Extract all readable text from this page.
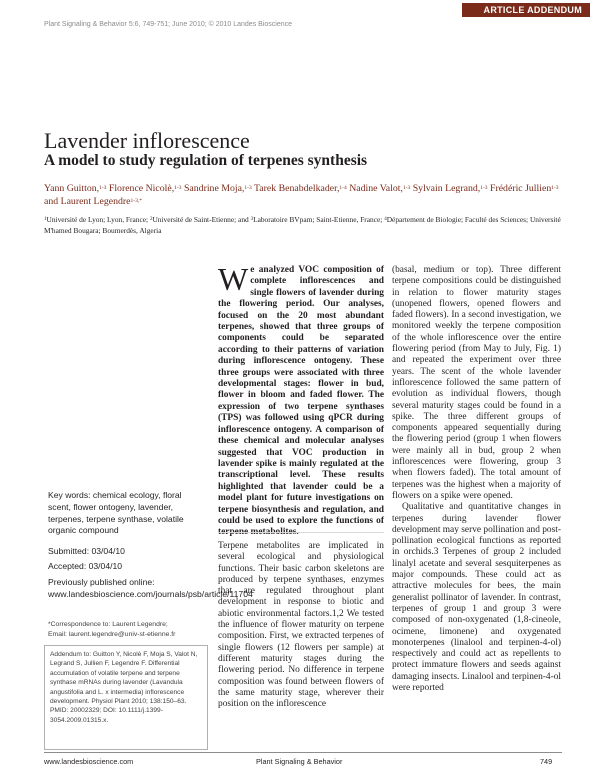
ARTICLE ADDENDUM
Plant Signaling & Behavior 5:6, 749-751; June 2010; © 2010 Landes Bioscience
Lavender inflorescence
A model to study regulation of terpenes synthesis
Yann Guitton,$^{1-3}$ Florence Nicolè,$^{1-3}$ Sandrine Moja,$^{1-3}$ Tarek Benabdelkader,$^{1-4}$ Nadine Valot,$^{1-3}$ Sylvain Legrand,$^{1-3}$ Frédéric Jullien$^{1-3}$ and Laurent Legendre$^{1-3,*}$
$^1$Université de Lyon; Lyon, France; $^2$Université de Saint-Etienne; and $^3$Laboratoire BVpam; Saint-Etienne, France; $^4$Département de Biologie; Faculté des Sciences; Université M'hamed Bougara; Boumerdès, Algeria
Key words: chemical ecology, floral scent, flower ontogeny, lavender, terpenes, terpene synthase, volatile organic compound
Submitted: 03/04/10
Accepted: 03/04/10
Previously published online:
www.landesbioscience.com/journals/psb/article/11704
*Correspondence to: Laurent Legendre;
Email: laurent.legendre@univ-st-etienne.fr
Addendum to: Guitton Y, Nicolè F, Moja S, Valot N, Legrand S, Jullien F, Legendre F. Differential accumulation of volatile terpene and terpene synthase mRNAs during lavender (Lavandula angustifolia and L. x intermedia) inflorescence development. Physiol Plant 2010; 138:150–63. PMID: 20002329; DOI: 10.1111/j.1399-3054.2009.01315.x.
We analyzed VOC composition of complete inflorescences and single flowers of lavender during the flowering period. Our analyses, focused on the 20 most abundant terpenes, showed that three groups of components could be separated according to their patterns of variation during inflorescence ontogeny. These three groups were associated with three developmental stages: flower in bud, flower in bloom and faded flower. The expression of two terpene synthases (TPS) was followed using qPCR during inflorescence ontogeny. A comparison of these chemical and molecular analyses suggested that VOC production in lavender spike is mainly regulated at the transcriptional level. These results highlighted that lavender could be a model plant for future investigations on terpene biosynthesis and regulation, and could be used to explore the functions of
Terpene metabolites are implicated in several ecological and physiological functions. Their basic carbon skeletons are produced by terpene synthases, enzymes that are regulated throughout plant development in response to biotic and abiotic environmental factors.1,2 We tested the influence of flower maturity on terpene composition. First, we extracted terpenes of single flowers (12 flowers per sample) at different maturity stages during the flowering period. No difference in terpene composition was found between flowers of the same maturity stage, wherever their position on the inflorescence

(basal, medium or top). Three different terpene compositions could be distinguished in relation to flower maturity stages (unopened flowers, opened flowers and faded flowers). In a second investigation, we monitored weekly the terpene composition of the whole inflorescence over the entire flowering period (from May to July, Fig. 1) and repeated the experiment over three years. The scent of the whole lavender inflorescence followed the same pattern of evolution as individual flowers, though several maturity stages could be found in a spike. The three different groups of components appeared sequentially during the flowering period (group 1 when flowers were mainly all in bud, group 2 when inflorescences were flowering, group 3 when flowers faded). The total amount of terpenes was the highest when a majority of flowers on a spike were opened.

Qualitative and quantitative changes in terpenes during lavender flower development may serve pollination and post-pollination ecological functions as reported in orchids.3 Terpenes of group 2 included linalyl acetate and several sesquiterpenes as major compounds. These could act as attractive molecules for bees, the main generalist pollinator of lavender. In contrast, terpenes of group 1 and group 3 were composed of non-oxygenated (1,8-cineole, ocimene, limonene) and oxygenated monoterpenes (linalool and terpinen-4-ol) respectively and could act as repellents to protect immature flowers and seeds against damaging insects. Linalool and terpinen-4-ol were reported

www.landesbioscience.com	Plant Signaling & Behavior	749
